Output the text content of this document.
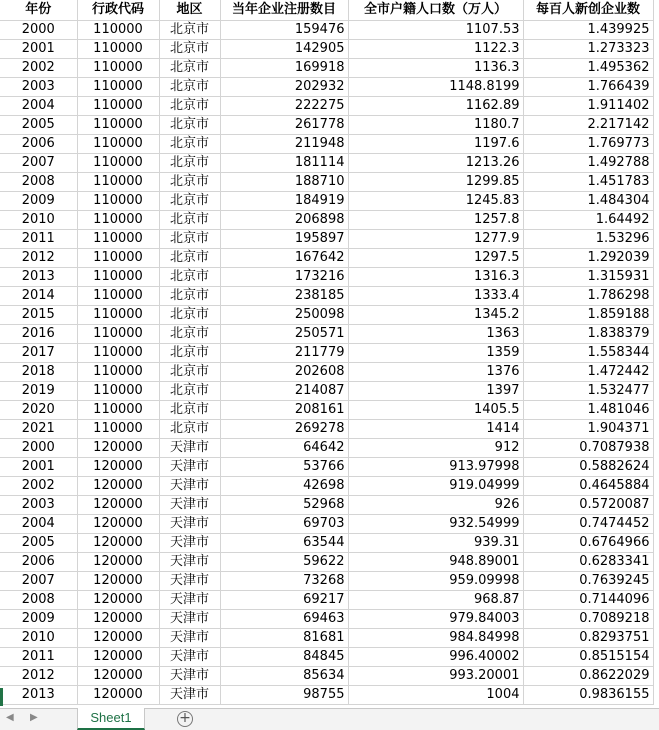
年份	行政代码	地区	当年企业注册数目	全市户籍人口数（万人）	每百人新创企业数
2000	110000	北京市	159476	1107.53	1.439925
2001	110000	北京市	142905	1122.3	1.273323
2002	110000	北京市	169918	1136.3	1.495362
2003	110000	北京市	202932	1148.8199	1.766439
2004	110000	北京市	222275	1162.89	1.911402
2005	110000	北京市	261778	1180.7	2.217142
2006	110000	北京市	211948	1197.6	1.769773
2007	110000	北京市	181114	1213.26	1.492788
2008	110000	北京市	188710	1299.85	1.451783
2009	110000	北京市	184919	1245.83	1.484304
2010	110000	北京市	206898	1257.8	1.64492
2011	110000	北京市	195897	1277.9	1.53296
2012	110000	北京市	167642	1297.5	1.292039
2013	110000	北京市	173216	1316.3	1.315931
2014	110000	北京市	238185	1333.4	1.786298
2015	110000	北京市	250098	1345.2	1.859188
2016	110000	北京市	250571	1363	1.838379
2017	110000	北京市	211779	1359	1.558344
2018	110000	北京市	202608	1376	1.472442
2019	110000	北京市	214087	1397	1.532477
2020	110000	北京市	208161	1405.5	1.481046
2021	110000	北京市	269278	1414	1.904371
2000	120000	天津市	64642	912	0.7087938
2001	120000	天津市	53766	913.97998	0.5882624
2002	120000	天津市	42698	919.04999	0.4645884
2003	120000	天津市	52968	926	0.5720087
2004	120000	天津市	69703	932.54999	0.7474452
2005	120000	天津市	63544	939.31	0.6764966
2006	120000	天津市	59622	948.89001	0.6283341
2007	120000	天津市	73268	959.09998	0.7639245
2008	120000	天津市	69217	968.87	0.7144096
2009	120000	天津市	69463	979.84003	0.7089218
2010	120000	天津市	81681	984.84998	0.8293751
2011	120000	天津市	84845	996.40002	0.8515154
2012	120000	天津市	85634	993.20001	0.8622029
2013	120000	天津市	98755	1004	0.9836155
◀ ▶	Sheet1	+
